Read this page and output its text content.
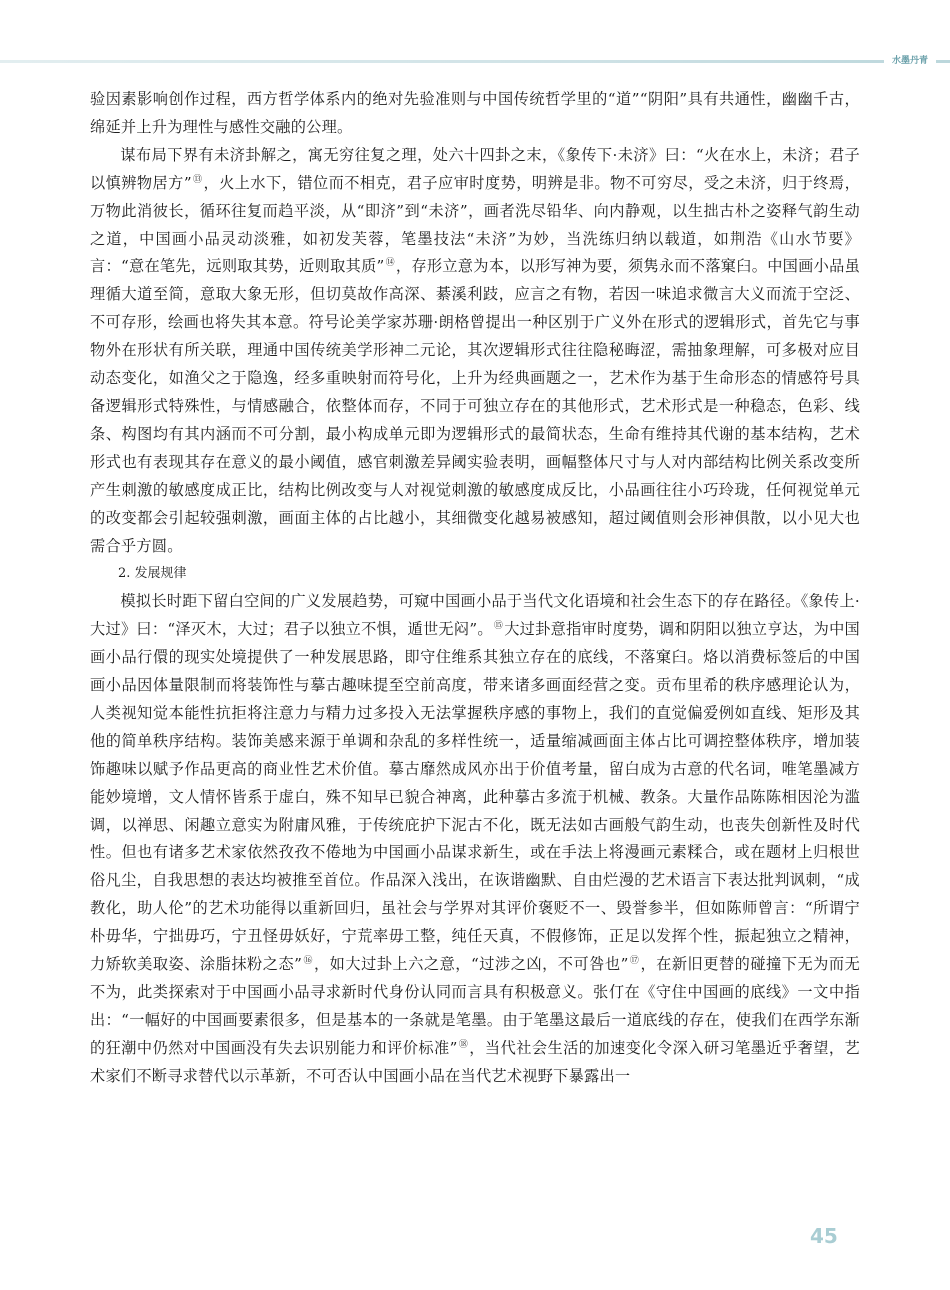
水墨丹青

验因素影响创作过程，西方哲学体系内的绝对先验准则与中国传统哲学里的“道”“阴阳”具有共通性，幽幽千古，绵延并上升为理性与感性交融的公理。

谋布局下界有未济卦解之，寓无穷往复之理，处六十四卦之末，《象传下·未济》曰：“火在水上，未济；君子以慎辨物居方”⑬，火上水下，错位而不相克，君子应审时度势，明辨是非。物不可穷尽，受之未济，归于终焉，万物此消彼长，循环往复而趋平淡，从“即济”到“未济”，画者洗尽铅华、向内静观，以生拙古朴之姿释气韵生动之道，中国画小品灵动淡雅，如初发芙蓉，笔墨技法“未济”为妙，当洗练归纳以载道，如荆浩《山水节要》言：“意在笔先，远则取其势，近则取其质”⑭，存形立意为本，以形写神为要，须隽永而不落窠臼。中国画小品虽理循大道至简，意取大象无形，但切莫故作高深、綦溪利跂，应言之有物，若因一味追求微言大义而流于空泛、不可存形，绘画也将失其本意。符号论美学家苏珊·朗格曾提出一种区别于广义外在形式的逻辑形式，首先它与事物外在形状有所关联，理通中国传统美学形神二元论，其次逻辑形式往往隐秘晦涩，需抽象理解，可多极对应目动态变化，如渔父之于隐逸，经多重映射而符号化，上升为经典画题之一，艺术作为基于生命形态的情感符号具备逻辑形式特殊性，与情感融合，依整体而存，不同于可独立存在的其他形式，艺术形式是一种稳态，色彩、线条、构图均有其内涵而不可分割，最小构成单元即为逻辑形式的最简状态，生命有维持其代谢的基本结构，艺术形式也有表现其存在意义的最小阈值，感官刺激差异阈实验表明，画幅整体尺寸与人对内部结构比例关系改变所产生刺激的敏感度成正比，结构比例改变与人对视觉刺激的敏感度成反比，小品画往往小巧玲珑，任何视觉单元的改变都会引起较强刺激，画面主体的占比越小，其细微变化越易被感知，超过阈值则会形神俱散，以小见大也需合乎方圆。

2. 发展规律

模拟长时距下留白空间的广义发展趋势，可窥中国画小品于当代文化语境和社会生态下的存在路径。《象传上·大过》曰：“泽灭木，大过；君子以独立不惧，遁世无闷”。⑮大过卦意指审时度势，调和阴阳以独立亨达，为中国画小品行儇的现实处境提供了一种发展思路，即守住维系其独立存在的底线，不落窠臼。烙以消费标签后的中国画小品因体量限制而将装饰性与摹古趣味提至空前高度，带来诸多画面经营之变。贡布里希的秩序感理论认为，人类视知觉本能性抗拒将注意力与精力过多投入无法掌握秩序感的事物上，我们的直觉偏爱例如直线、矩形及其他的简单秩序结构。装饰美感来源于单调和杂乱的多样性统一，适量缩减画面主体占比可调控整体秩序，增加装饰趣味以赋予作品更高的商业性艺术价值。摹古靡然成风亦出于价值考量，留白成为古意的代名词，唯笔墨减方能妙境增，文人情怀皆系于虚白，殊不知早已貌合神离，此种摹古多流于机械、教条。大量作品陈陈相因沦为滥调，以禅思、闲趣立意实为附庸风雅，于传统庇护下泥古不化，既无法如古画般气韵生动，也丧失创新性及时代性。但也有诸多艺术家依然孜孜不倦地为中国画小品谋求新生，或在手法上将漫画元素糅合，或在题材上归根世俗凡尘，自我思想的表达均被推至首位。作品深入浅出，在诙谐幽默、自由烂漫的艺术语言下表达批判讽刺，“成教化，助人伦”的艺术功能得以重新回归，虽社会与学界对其评价褒贬不一、毁誉参半，但如陈师曾言：“所谓宁朴毋华，宁拙毋巧，宁丑怪毋妖好，宁荒率毋工整，纯任天真，不假修饰，正足以发挥个性，振起独立之精神，力矫软美取姿、涂脂抹粉之态”⑯，如大过卦上六之意，“过涉之凶，不可咎也”⑰，在新旧更替的碰撞下无为而无不为，此类探索对于中国画小品寻求新时代身份认同而言具有积极意义。张仃在《守住中国画的底线》一文中指出：“一幅好的中国画要素很多，但是基本的一条就是笔墨。由于笔墨这最后一道底线的存在，使我们在西学东渐的狂潮中仍然对中国画没有失去识别能力和评价标准”⑱，当代社会生活的加速变化令深入研习笔墨近乎奢望，艺术家们不断寻求替代以示革新，不可否认中国画小品在当代艺术视野下暴露出一

45
